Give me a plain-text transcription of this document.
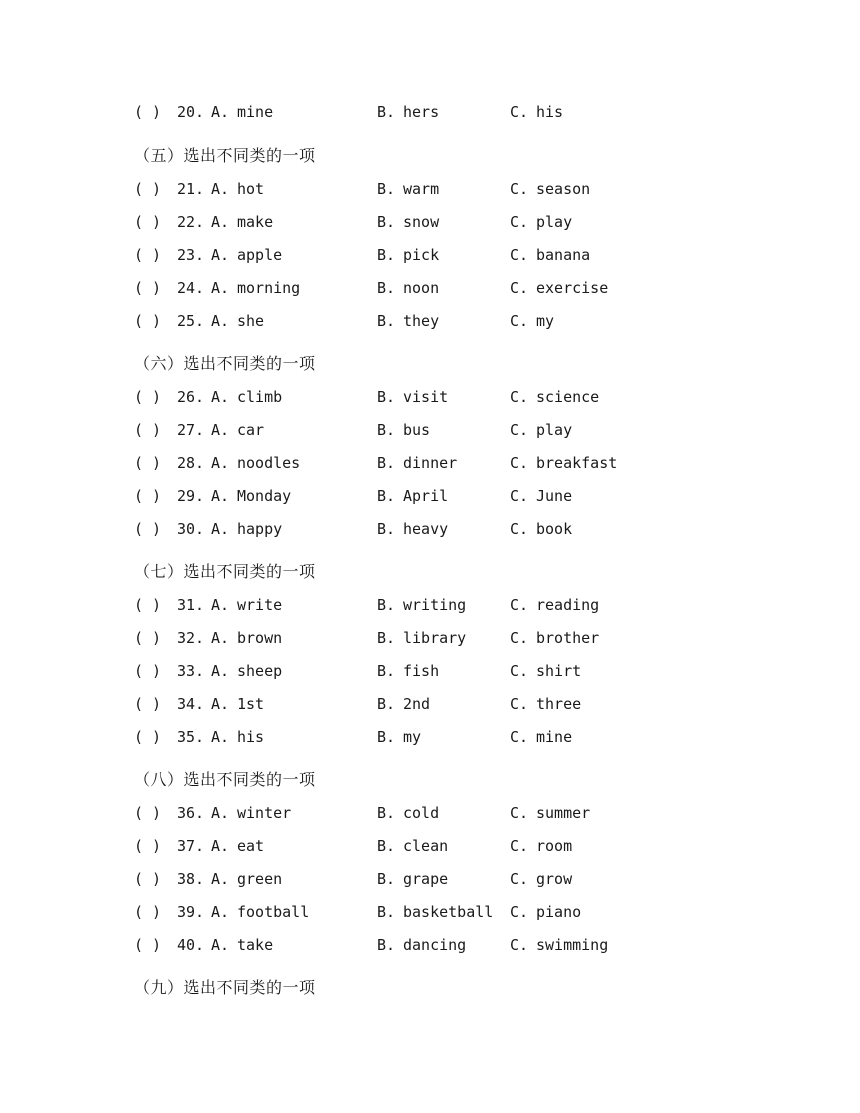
( ) 20. A. mine	B. hers	C. his
（五）选出不同类的一项
( ) 21. A. hot	B. warm	C. season
( ) 22. A. make	B. snow	C. play
( ) 23. A. apple	B. pick	C. banana
( ) 24. A. morning	B. noon	C. exercise
( ) 25. A. she	B. they	C. my
（六）选出不同类的一项
( ) 26. A. climb	B. visit	C. science
( ) 27. A. car	B. bus	C. play
( ) 28. A. noodles	B. dinner	C. breakfast
( ) 29. A. Monday	B. April	C. June
( ) 30. A. happy	B. heavy	C. book
（七）选出不同类的一项
( ) 31. A. write	B. writing	C. reading
( ) 32. A. brown	B. library	C. brother
( ) 33. A. sheep	B. fish	C. shirt
( ) 34. A. 1st	B. 2nd	C. three
( ) 35. A. his	B. my	C. mine
（八）选出不同类的一项
( ) 36. A. winter	B. cold	C. summer
( ) 37. A. eat	B. clean	C. room
( ) 38. A. green	B. grape	C. grow
( ) 39. A. football	B. basketball C. piano
( ) 40. A. take	B. dancing	C. swimming
（九）选出不同类的一项
